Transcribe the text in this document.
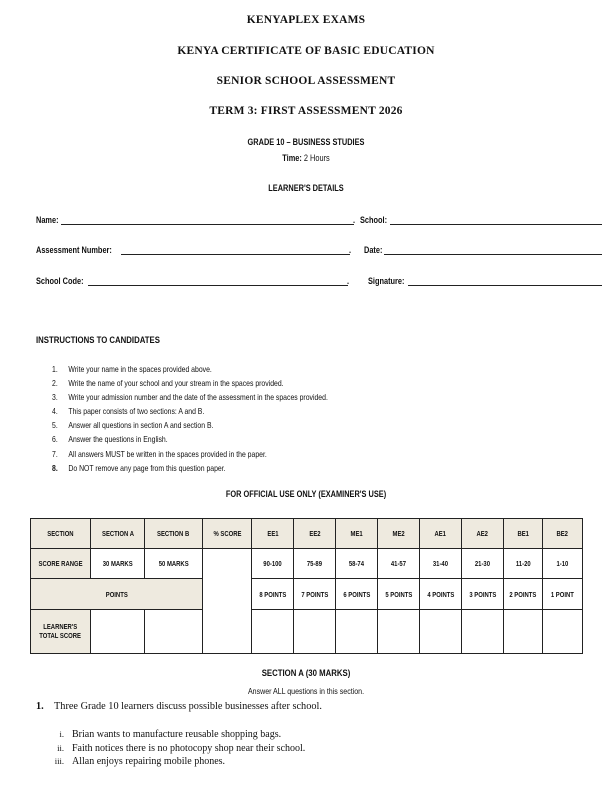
KENYAPLEX EXAMS
KENYA CERTIFICATE OF BASIC EDUCATION
SENIOR SCHOOL ASSESSMENT
TERM 3: FIRST ASSESSMENT 2026
GRADE 10 – BUSINESS STUDIES
Time: 2 Hours
LEARNER'S DETAILS
Name:	. School:
Assessment Number:	. Date:
School Code:	. Signature:
INSTRUCTIONS TO CANDIDATES
1.	Write your name in the spaces provided above.
2.	Write the name of your school and your stream in the spaces provided.
3.	Write your admission number and the date of the assessment in the spaces provided.
4.	This paper consists of two sections: A and B.
5.	Answer all questions in section A and section B.
6.	Answer the questions in English.
7.	All answers MUST be written in the spaces provided in the paper.
8.	Do NOT remove any page from this question paper.
FOR OFFICIAL USE ONLY (EXAMINER'S USE)
SECTION	SECTION A	SECTION B	% SCORE	EE1	EE2	ME1	ME2	AE1	AE2	BE1	BE2
SCORE RANGE	30 MARKS	50 MARKS		90-100	75-89	58-74	41-57	31-40	21-30	11-20	1-10
POINTS				8 POINTS	7 POINTS	6 POINTS	5 POINTS	4 POINTS	3 POINTS	2 POINTS	1 POINT
LEARNER'S
TOTAL SCORE											
SECTION A (30 MARKS)
Answer ALL questions in this section.
1. Three Grade 10 learners discuss possible businesses after school.
i. Brian wants to manufacture reusable shopping bags.
ii. Faith notices there is no photocopy shop near their school.
iii. Allan enjoys repairing mobile phones.
